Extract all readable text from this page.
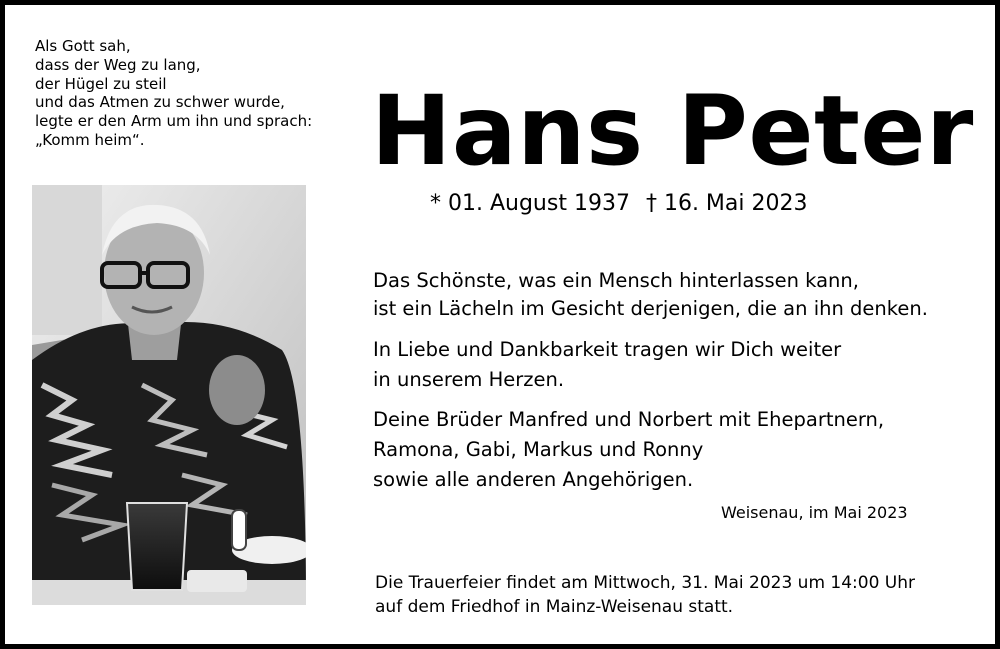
Als Gott sah,
dass der Weg zu lang,
der Hügel zu steil
und das Atmen zu schwer wurde,
legte er den Arm um ihn und sprach:
„Komm heim“.	Hans Peter
* 01. August 1937 † 16. Mai 2023
Das Schönste, was ein Mensch hinterlassen kann,
ist ein Lächeln im Gesicht derjenigen, die an ihn denken.
In Liebe und Dankbarkeit tragen wir Dich weiter
in unserem Herzen.
Deine Brüder Manfred und Norbert mit Ehepartnern,
Ramona, Gabi, Markus und Ronny
sowie alle anderen Angehörigen.
Weisenau, im Mai 2023
Die Trauerfeier findet am Mittwoch, 31. Mai 2023 um 14:00 Uhr
auf dem Friedhof in Mainz-Weisenau statt.
